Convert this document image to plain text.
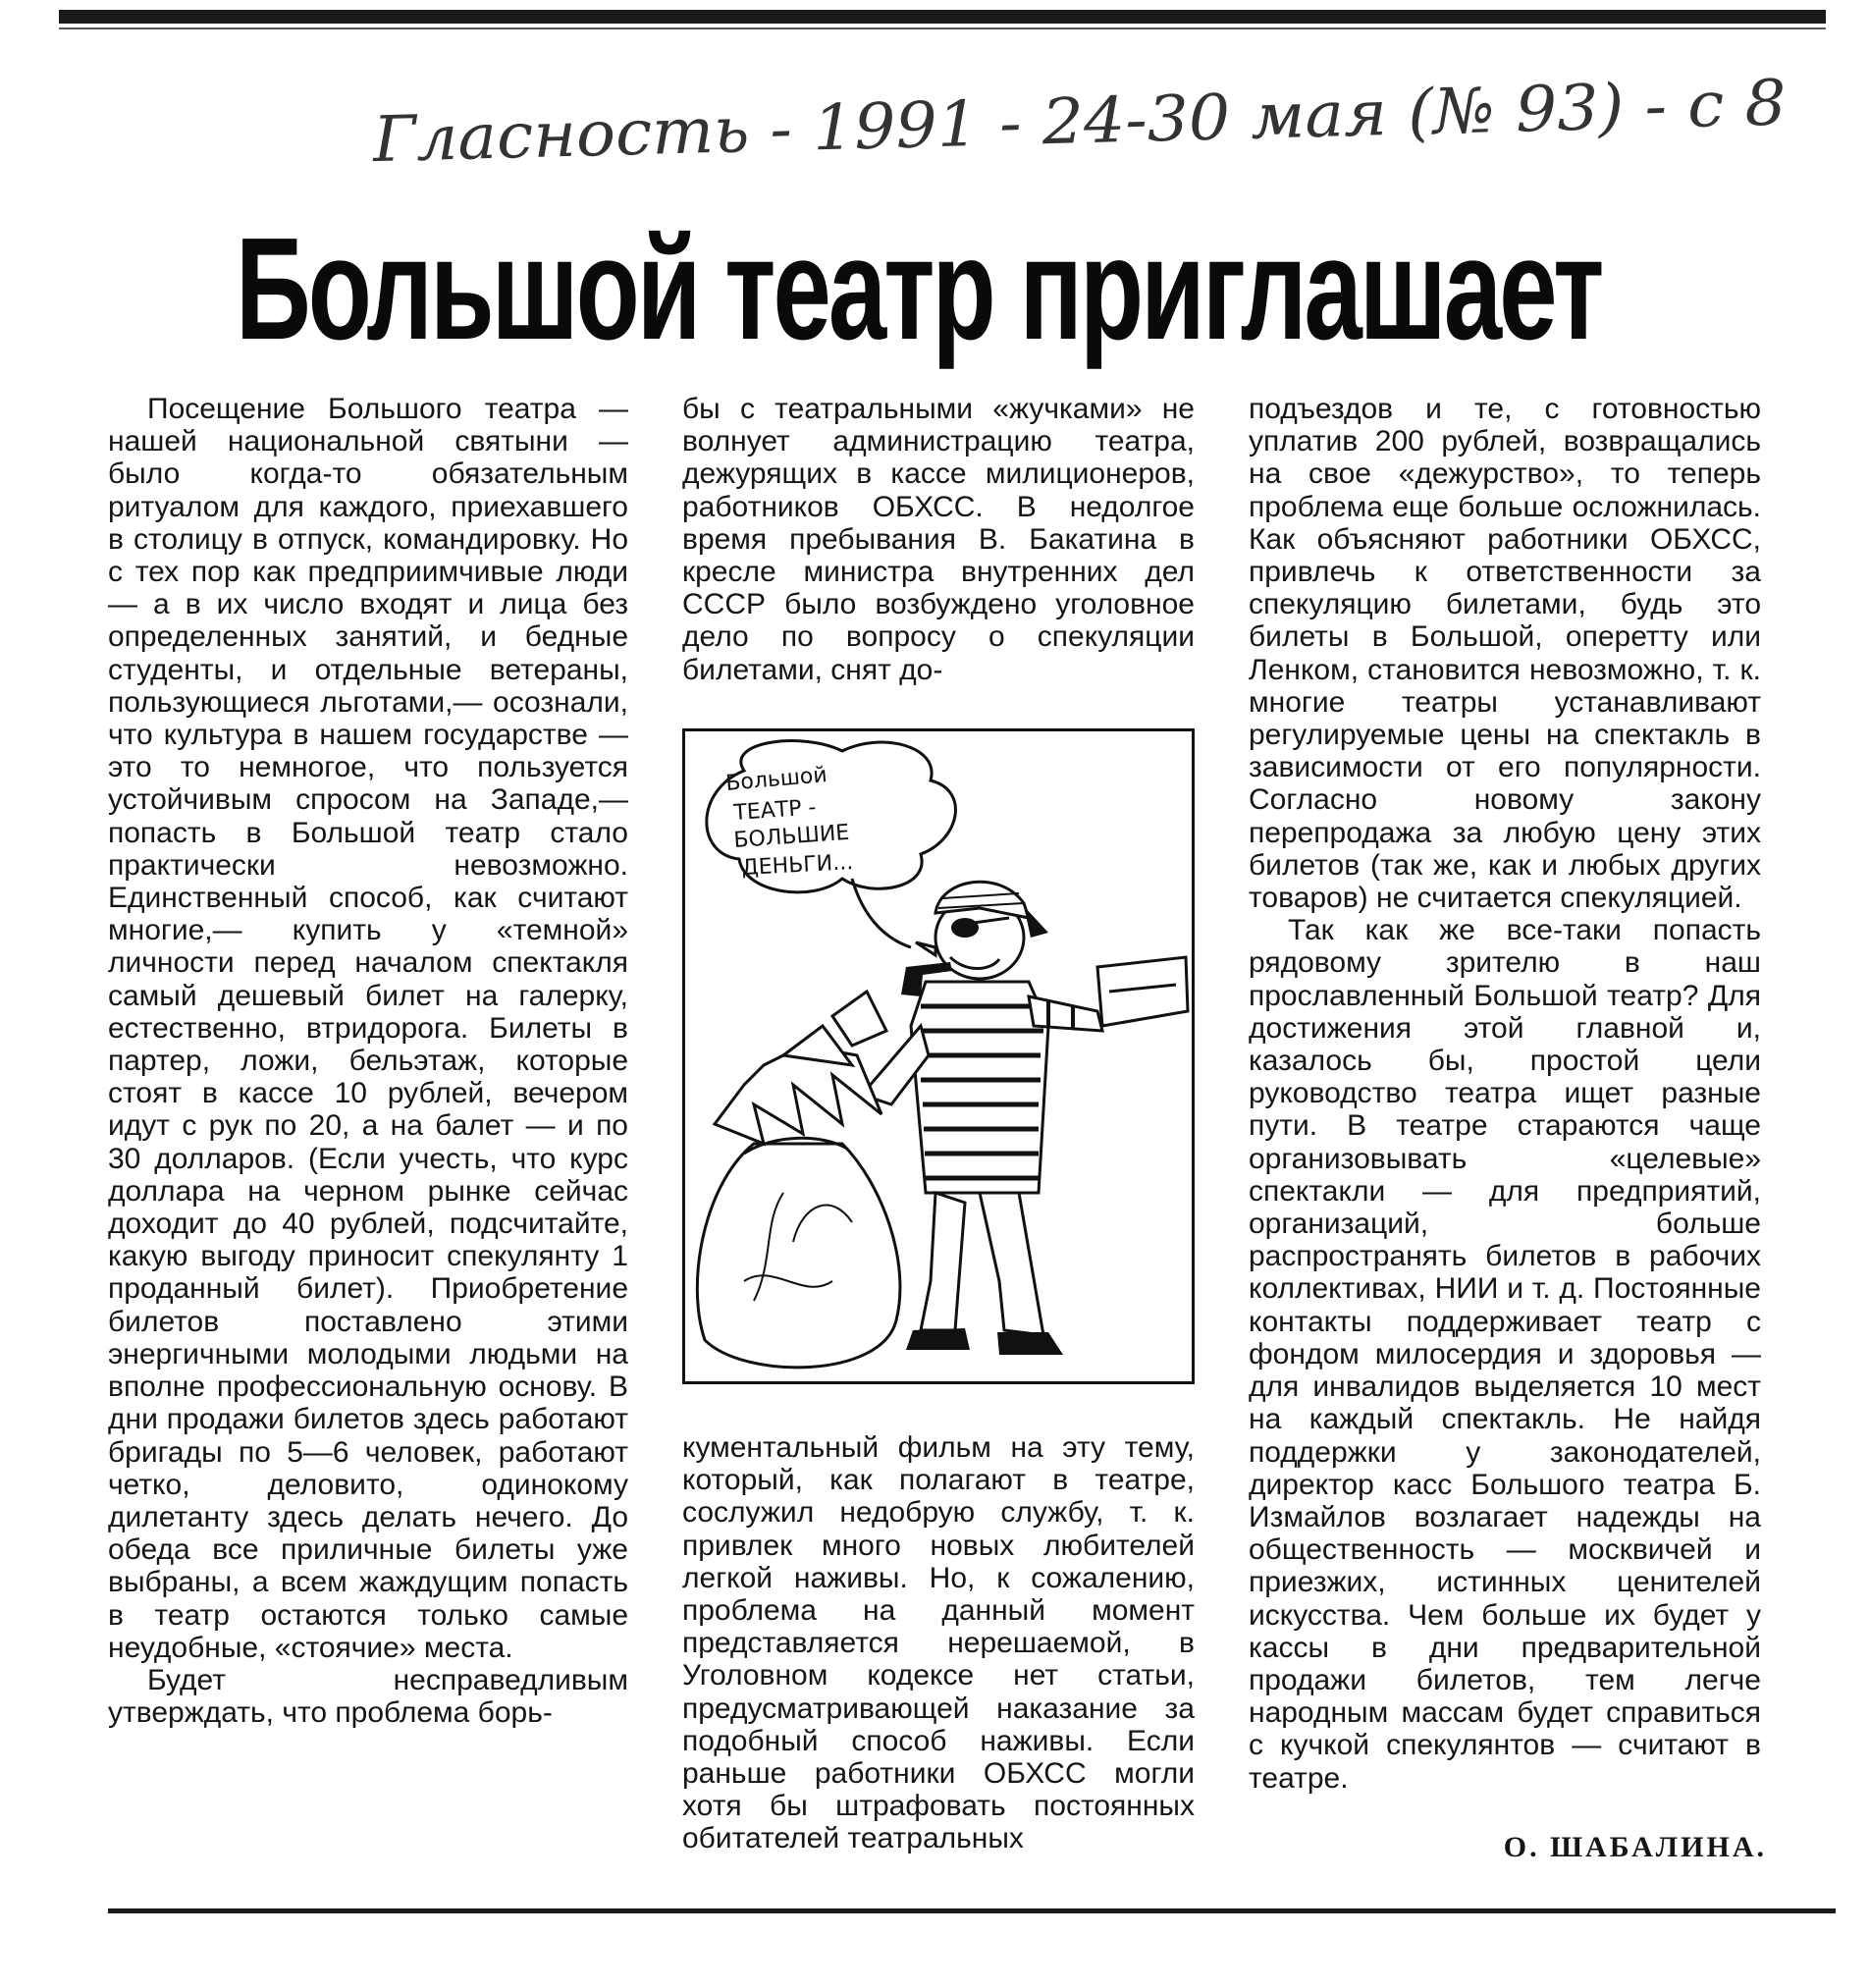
Гласность - 1991 - 24-30 мая (№ 93) - с 8
Большой театр приглашает

Посещение Большого театра — нашей национальной святыни — было когда-то обязательным ритуалом для каждого, приехавшего в столицу в отпуск, командировку. Но с тех пор как предприимчивые люди — а в их число входят и лица без определенных занятий, и бедные студенты, и отдельные ветераны, пользующиеся льготами,— осознали, что культура в нашем государстве — это то немногое, что пользуется устойчивым спросом на Западе,— попасть в Большой театр стало практически невозможно. Единственный способ, как считают многие,— купить у «темной» личности перед началом спектакля самый дешевый билет на галерку, естественно, втридорога. Билеты в партер, ложи, бельэтаж, которые стоят в кассе 10 рублей, вечером идут с рук по 20, а на балет — и по 30 долларов. (Если учесть, что курс доллара на черном рынке сейчас доходит до 40 рублей, подсчитайте, какую выгоду приносит спекулянту 1 проданный билет). Приобретение билетов поставлено этими энергичными молодыми людьми на вполне профессиональную основу. В дни продажи билетов здесь работают бригады по 5—6 человек, работают четко, деловито, одинокому дилетанту здесь делать нечего. До обеда все приличные билеты уже выбраны, а всем жаждущим попасть в театр остаются только самые неудобные, «стоячие» места.

Будет несправедливым утверждать, что проблема борь-

бы с театральными «жучками» не волнует администрацию театра, дежурящих в кассе милиционеров, работников ОБХСС. В недолгое время пребывания В. Бакатина в кресле министра внутренних дел СССР было возбуждено уголовное дело по вопросу о спекуляции билетами, снят до-

Большой
ТЕАТР -
БОЛЬШИЕ
ДЕНЬГИ...

кументальный фильм на эту тему, который, как полагают в театре, сослужил недобрую службу, т. к. привлек много новых любителей легкой наживы. Но, к сожалению, проблема на данный момент представляется нерешаемой, в Уголовном кодексе нет статьи, предусматривающей наказание за подобный способ наживы. Если раньше работники ОБХСС могли хотя бы штрафовать постоянных обитателей театральных

подъездов и те, с готовностью уплатив 200 рублей, возвращались на свое «дежурство», то теперь проблема еще больше осложнилась. Как объясняют работники ОБХСС, привлечь к ответственности за спекуляцию билетами, будь это билеты в Большой, оперетту или Ленком, становится невозможно, т. к. многие театры устанавливают регулируемые цены на спектакль в зависимости от его популярности. Согласно новому закону перепродажа за любую цену этих билетов (так же, как и любых других товаров) не считается спекуляцией.

Так как же все-таки попасть рядовому зрителю в наш прославленный Большой театр? Для достижения этой главной и, казалось бы, простой цели руководство театра ищет разные пути. В театре стараются чаще организовывать «целевые» спектакли — для предприятий, организаций, больше распространять билетов в рабочих коллективах, НИИ и т. д. Постоянные контакты поддерживает театр с фондом милосердия и здоровья — для инвалидов выделяется 10 мест на каждый спектакль. Не найдя поддержки у законодателей, директор касс Большого театра Б. Измайлов возлагает надежды на общественность — москвичей и приезжих, истинных ценителей искусства. Чем больше их будет у кассы в дни предварительной продажи билетов, тем легче народным массам будет справиться с кучкой спекулянтов — считают в театре.

О. ШАБАЛИНА.
